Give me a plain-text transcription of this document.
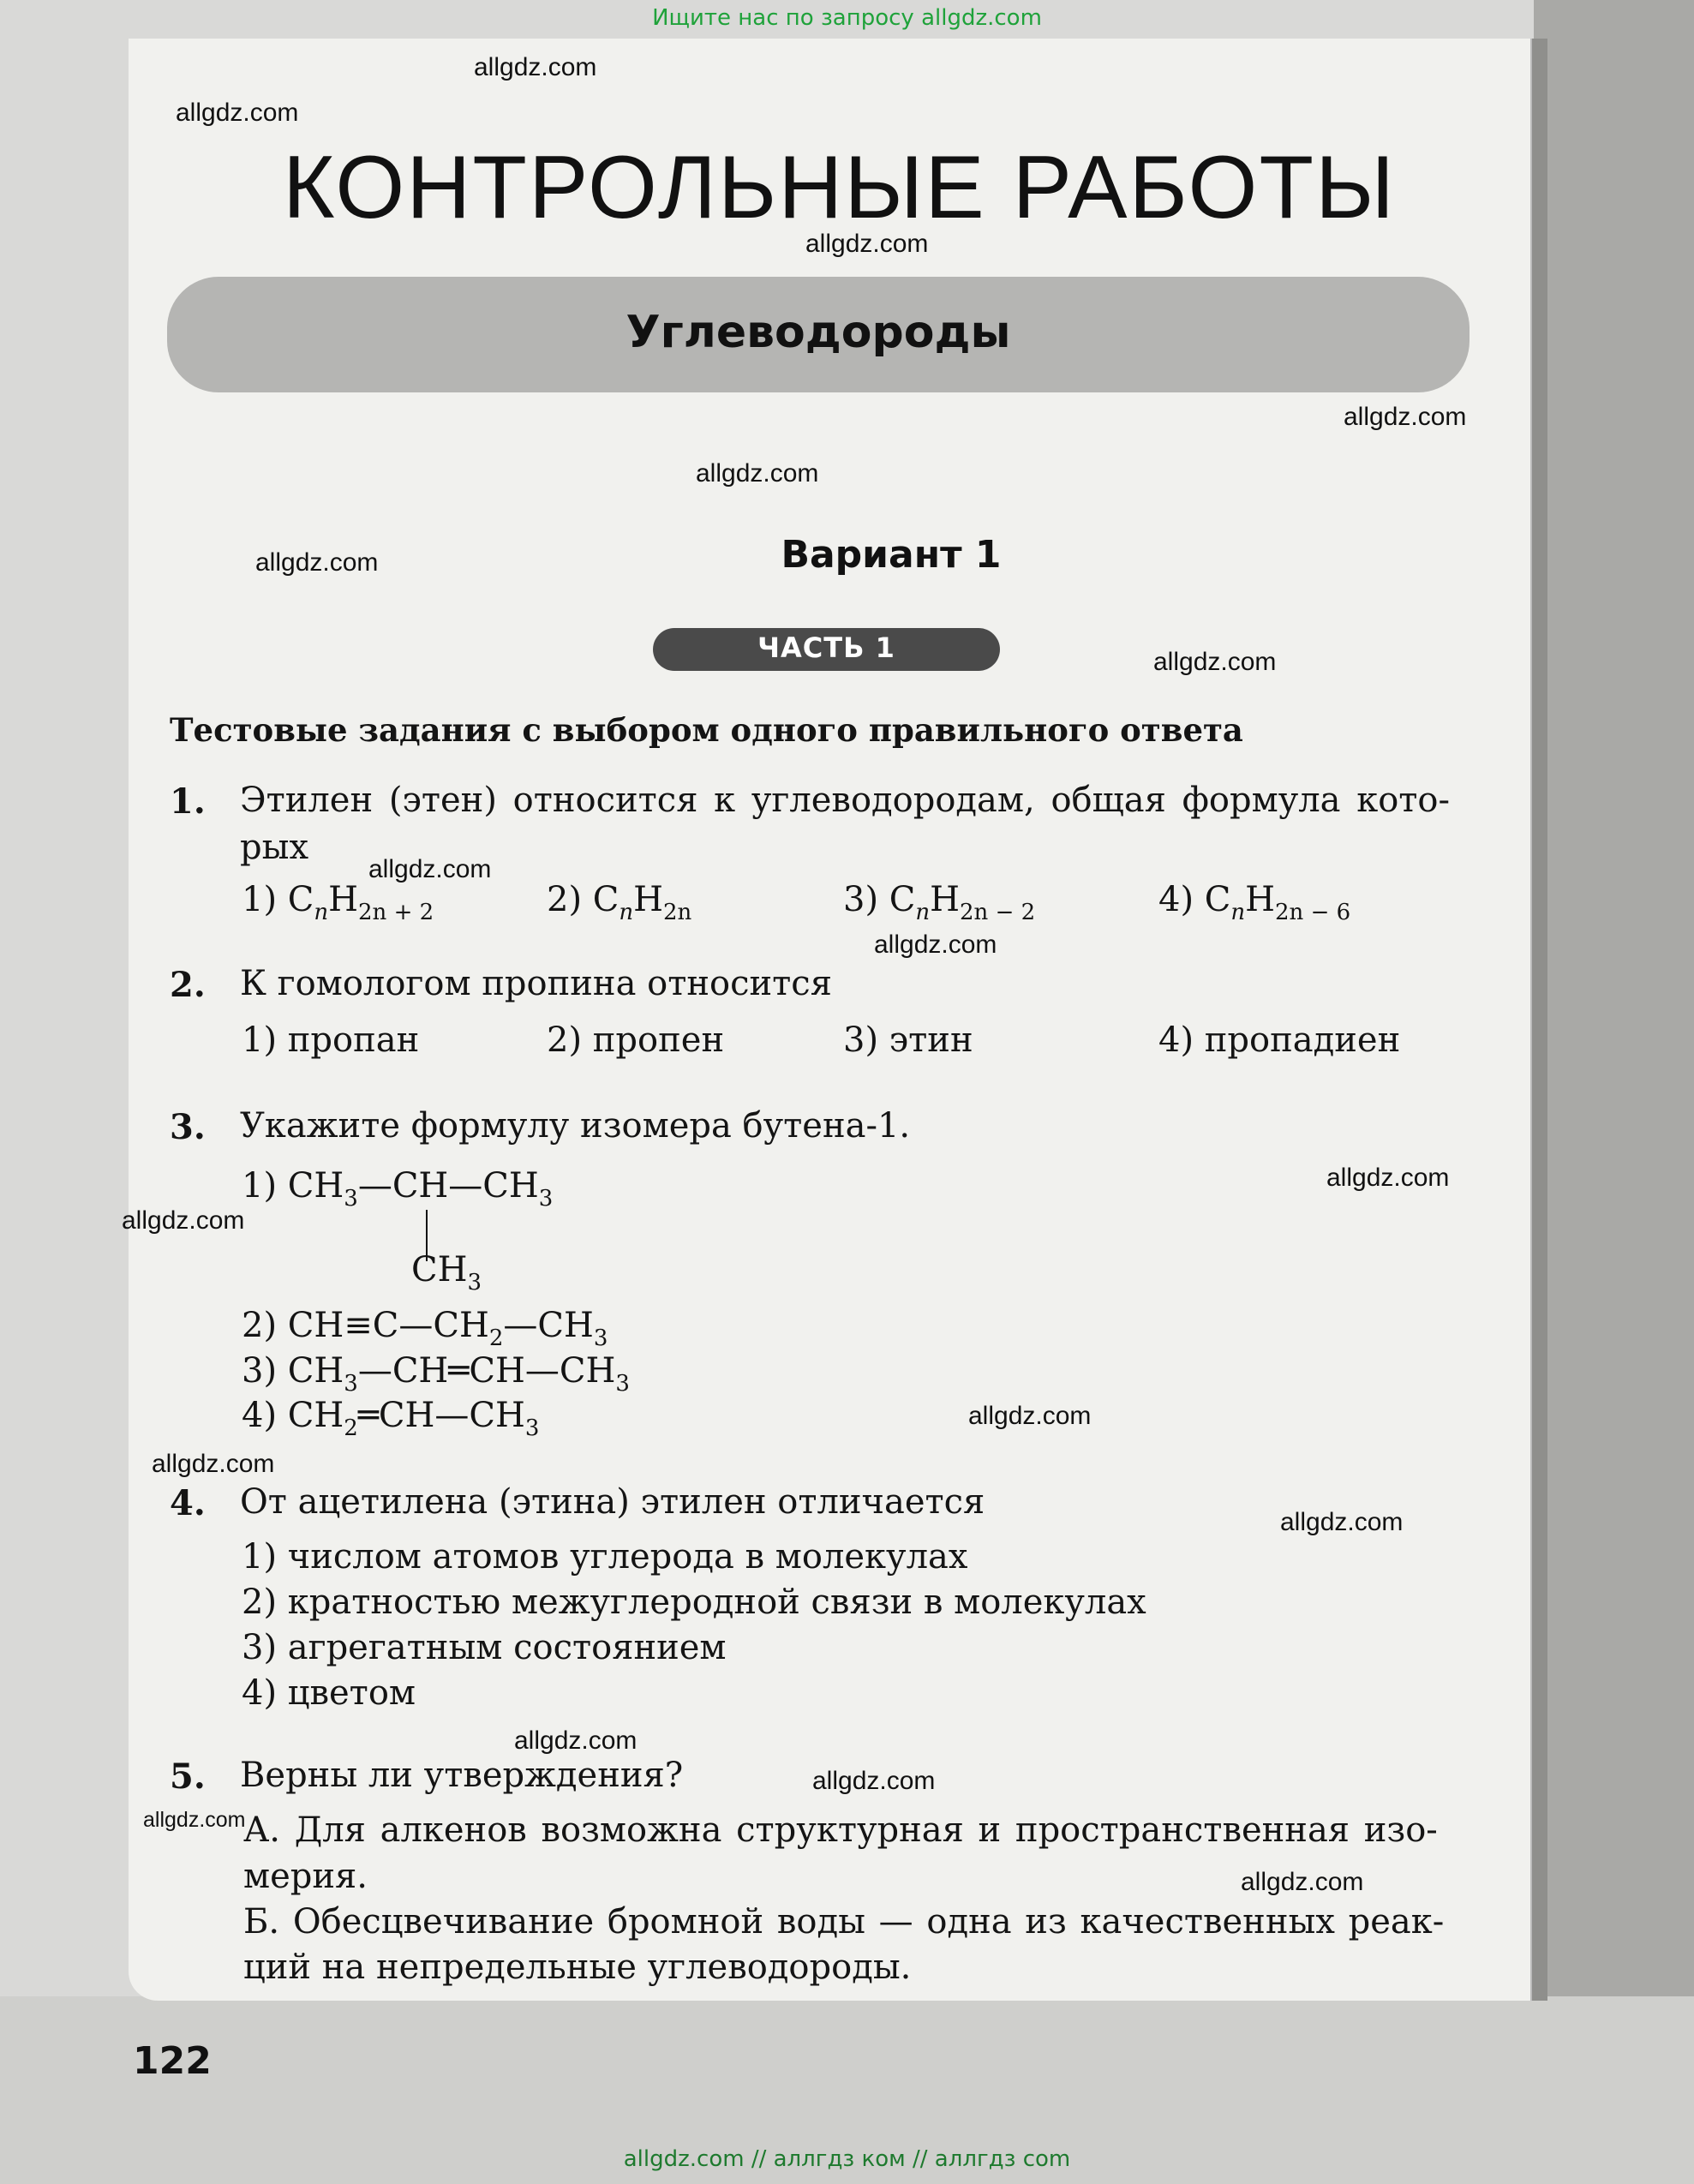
Ищите нас по запросу allgdz.com
allgdz.com
allgdz.com
allgdz.com
allgdz.com
allgdz.com
allgdz.com
allgdz.com
allgdz.com
allgdz.com
allgdz.com
allgdz.com
allgdz.com
allgdz.com
allgdz.com
allgdz.com
allgdz.com
allgdz.com
allgdz.com
КОНТРОЛЬНЫЕ РАБОТЫ
Углеводороды
Вариант 1
ЧАСТЬ 1
Тестовые задания с выбором одного правильного ответа
1. Этилен (этен) относится к углеводородам, общая формула кото-
рых
1) $C_nH_{2n + 2}$	2) $C_nH_{2n}$	3) $C_nH_{2n - 2}$	4) $C_nH_{2n - 6}$
2. К гомологом пропина относится
1) пропан	2) пропен	3) этин	4) пропадиен
3. Укажите формулу изомера бутена-1.
1) $CH_3—CH—CH_3$
$CH_3$
2) $CH\equiv C—CH_2—CH_3$
3) $CH_3—CH═CH—CH_3$
4) $CH_2═CH—CH_3$
4. От ацетилена (этина) этилен отличается
1) числом атомов углерода в молекулах
2) кратностью межуглеродной связи в молекулах
3) агрегатным состоянием
4) цветом
5. Верны ли утверждения?
А. Для алкенов возможна структурная и пространственная изо-
мерия.
Б. Обесцвечивание бромной воды — одна из качественных реак-
ций на непредельные углеводороды.
122
allgdz.com // аллгдз ком // аллгдз com
